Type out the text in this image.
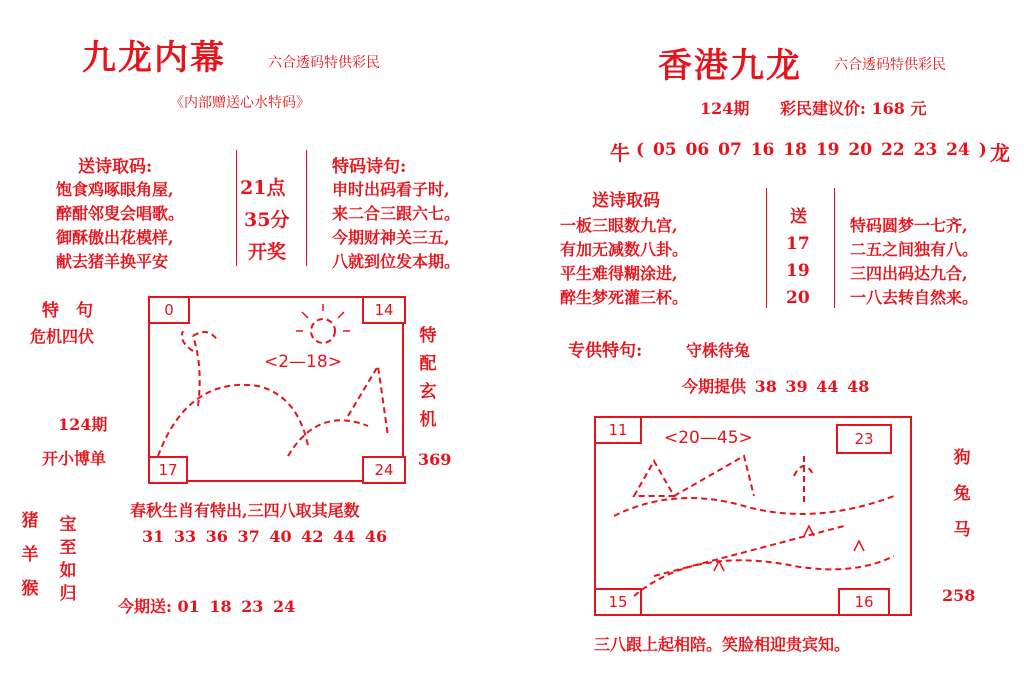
九龙内幕	六合透码特供彩民
《内部赠送心水特码》
送诗取码:
饱食鸡啄眼角屋,
醉酣邻叟会唱歌。
御酥傲出花模样,
献去猪羊换平安
21点
35分
开奖
特码诗句:
申时出码看子时,
来二合三跟六七。
今期财神关三五,
八就到位发本期。
特　句
危机四伏
124期
开小博单
0	14
17	24
<2—18>
特
配
玄
机
369
春秋生肖有特出,三四八取其尾数
31 33 36 37 40 42 44 46
猪
羊
猴
宝
至
如
归
今期送: 01 18 23 24
香港九龙 六合透码特供彩民
124期 彩民建议价: 168 元
牛 ( 05 06 07 16 18 19 20 22 23 24 ) 龙
送诗取码
一板三眼数九宫,
有加无减数八卦。
平生难得糊涂进,
醉生梦死灌三杯。
送
17
19
20
特码圆梦一七齐,
二五之间独有八。
三四出码达九合,
一八去转自然来。
专供特句:	守株待兔
今期提供 38 39 44 48
11	23
15	16
<20—45>
狗
兔
马
258
三八跟上起相陪。笑脸相迎贵宾知。
